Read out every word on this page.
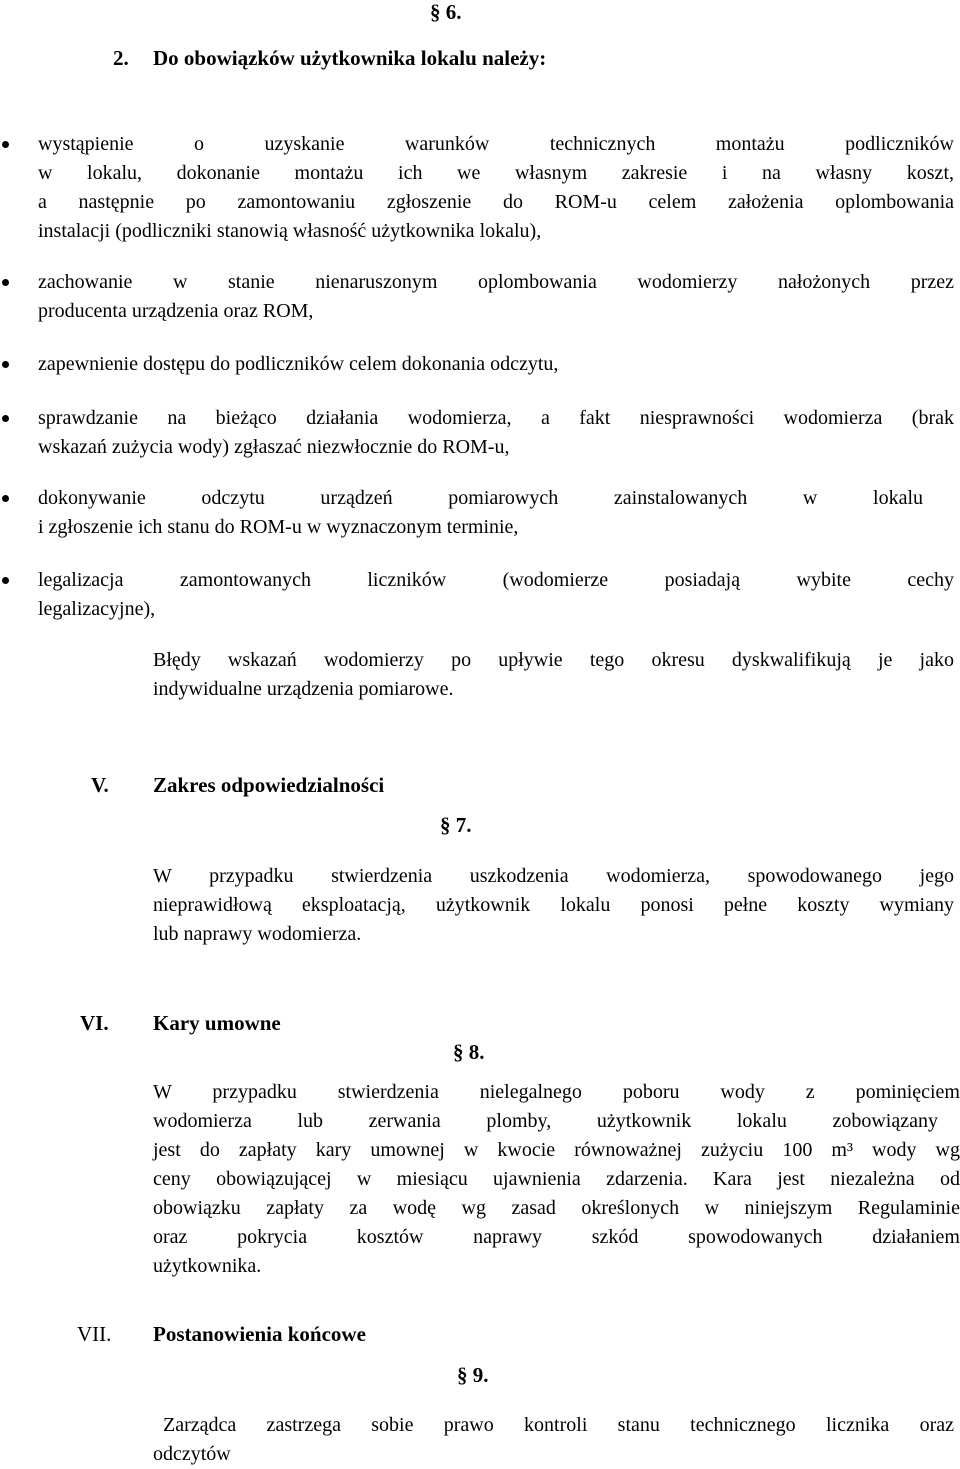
§ 6.
2. Do obowiązków użytkownika lokalu należy:
wystąpienie o uzyskanie warunków technicznych montażu podliczników
w lokalu, dokonanie montażu ich we własnym zakresie i na własny koszt,
a następnie po zamontowaniu zgłoszenie do ROM-u celem założenia oplombowania
instalacji (podliczniki stanowią własność użytkownika lokalu),
zachowanie w stanie nienaruszonym oplombowania wodomierzy nałożonych przez
producenta urządzenia oraz ROM,
zapewnienie dostępu do podliczników celem dokonania odczytu,
sprawdzanie na bieżąco działania wodomierza, a fakt niesprawności wodomierza (brak
wskazań zużycia wody) zgłaszać niezwłocznie do ROM-u,
dokonywanie odczytu urządzeń pomiarowych zainstalowanych w lokalu
i zgłoszenie ich stanu do ROM-u w wyznaczonym terminie,
legalizacja zamontowanych liczników (wodomierze posiadają wybite cechy
legalizacyjne),
Błędy wskazań wodomierzy po upływie tego okresu dyskwalifikują je jako
indywidualne urządzenia pomiarowe.
V. Zakres odpowiedzialności
§ 7.
W przypadku stwierdzenia uszkodzenia wodomierza, spowodowanego jego
nieprawidłową eksploatacją, użytkownik lokalu ponosi pełne koszty wymiany
lub naprawy wodomierza.
VI. Kary umowne
§ 8.
W przypadku stwierdzenia nielegalnego poboru wody z pominięciem
wodomierza lub zerwania plomby, użytkownik lokalu zobowiązany
jest do zapłaty kary umownej w kwocie równoważnej zużyciu 100 m³ wody wg
ceny obowiązującej w miesiącu ujawnienia zdarzenia. Kara jest niezależna od
obowiązku zapłaty za wodę wg zasad określonych w niniejszym Regulaminie
oraz pokrycia kosztów naprawy szkód spowodowanych działaniem
użytkownika.
VII. Postanowienia końcowe
§ 9.
Zarządca zastrzega sobie prawo kontroli stanu technicznego licznika oraz
odczytów
